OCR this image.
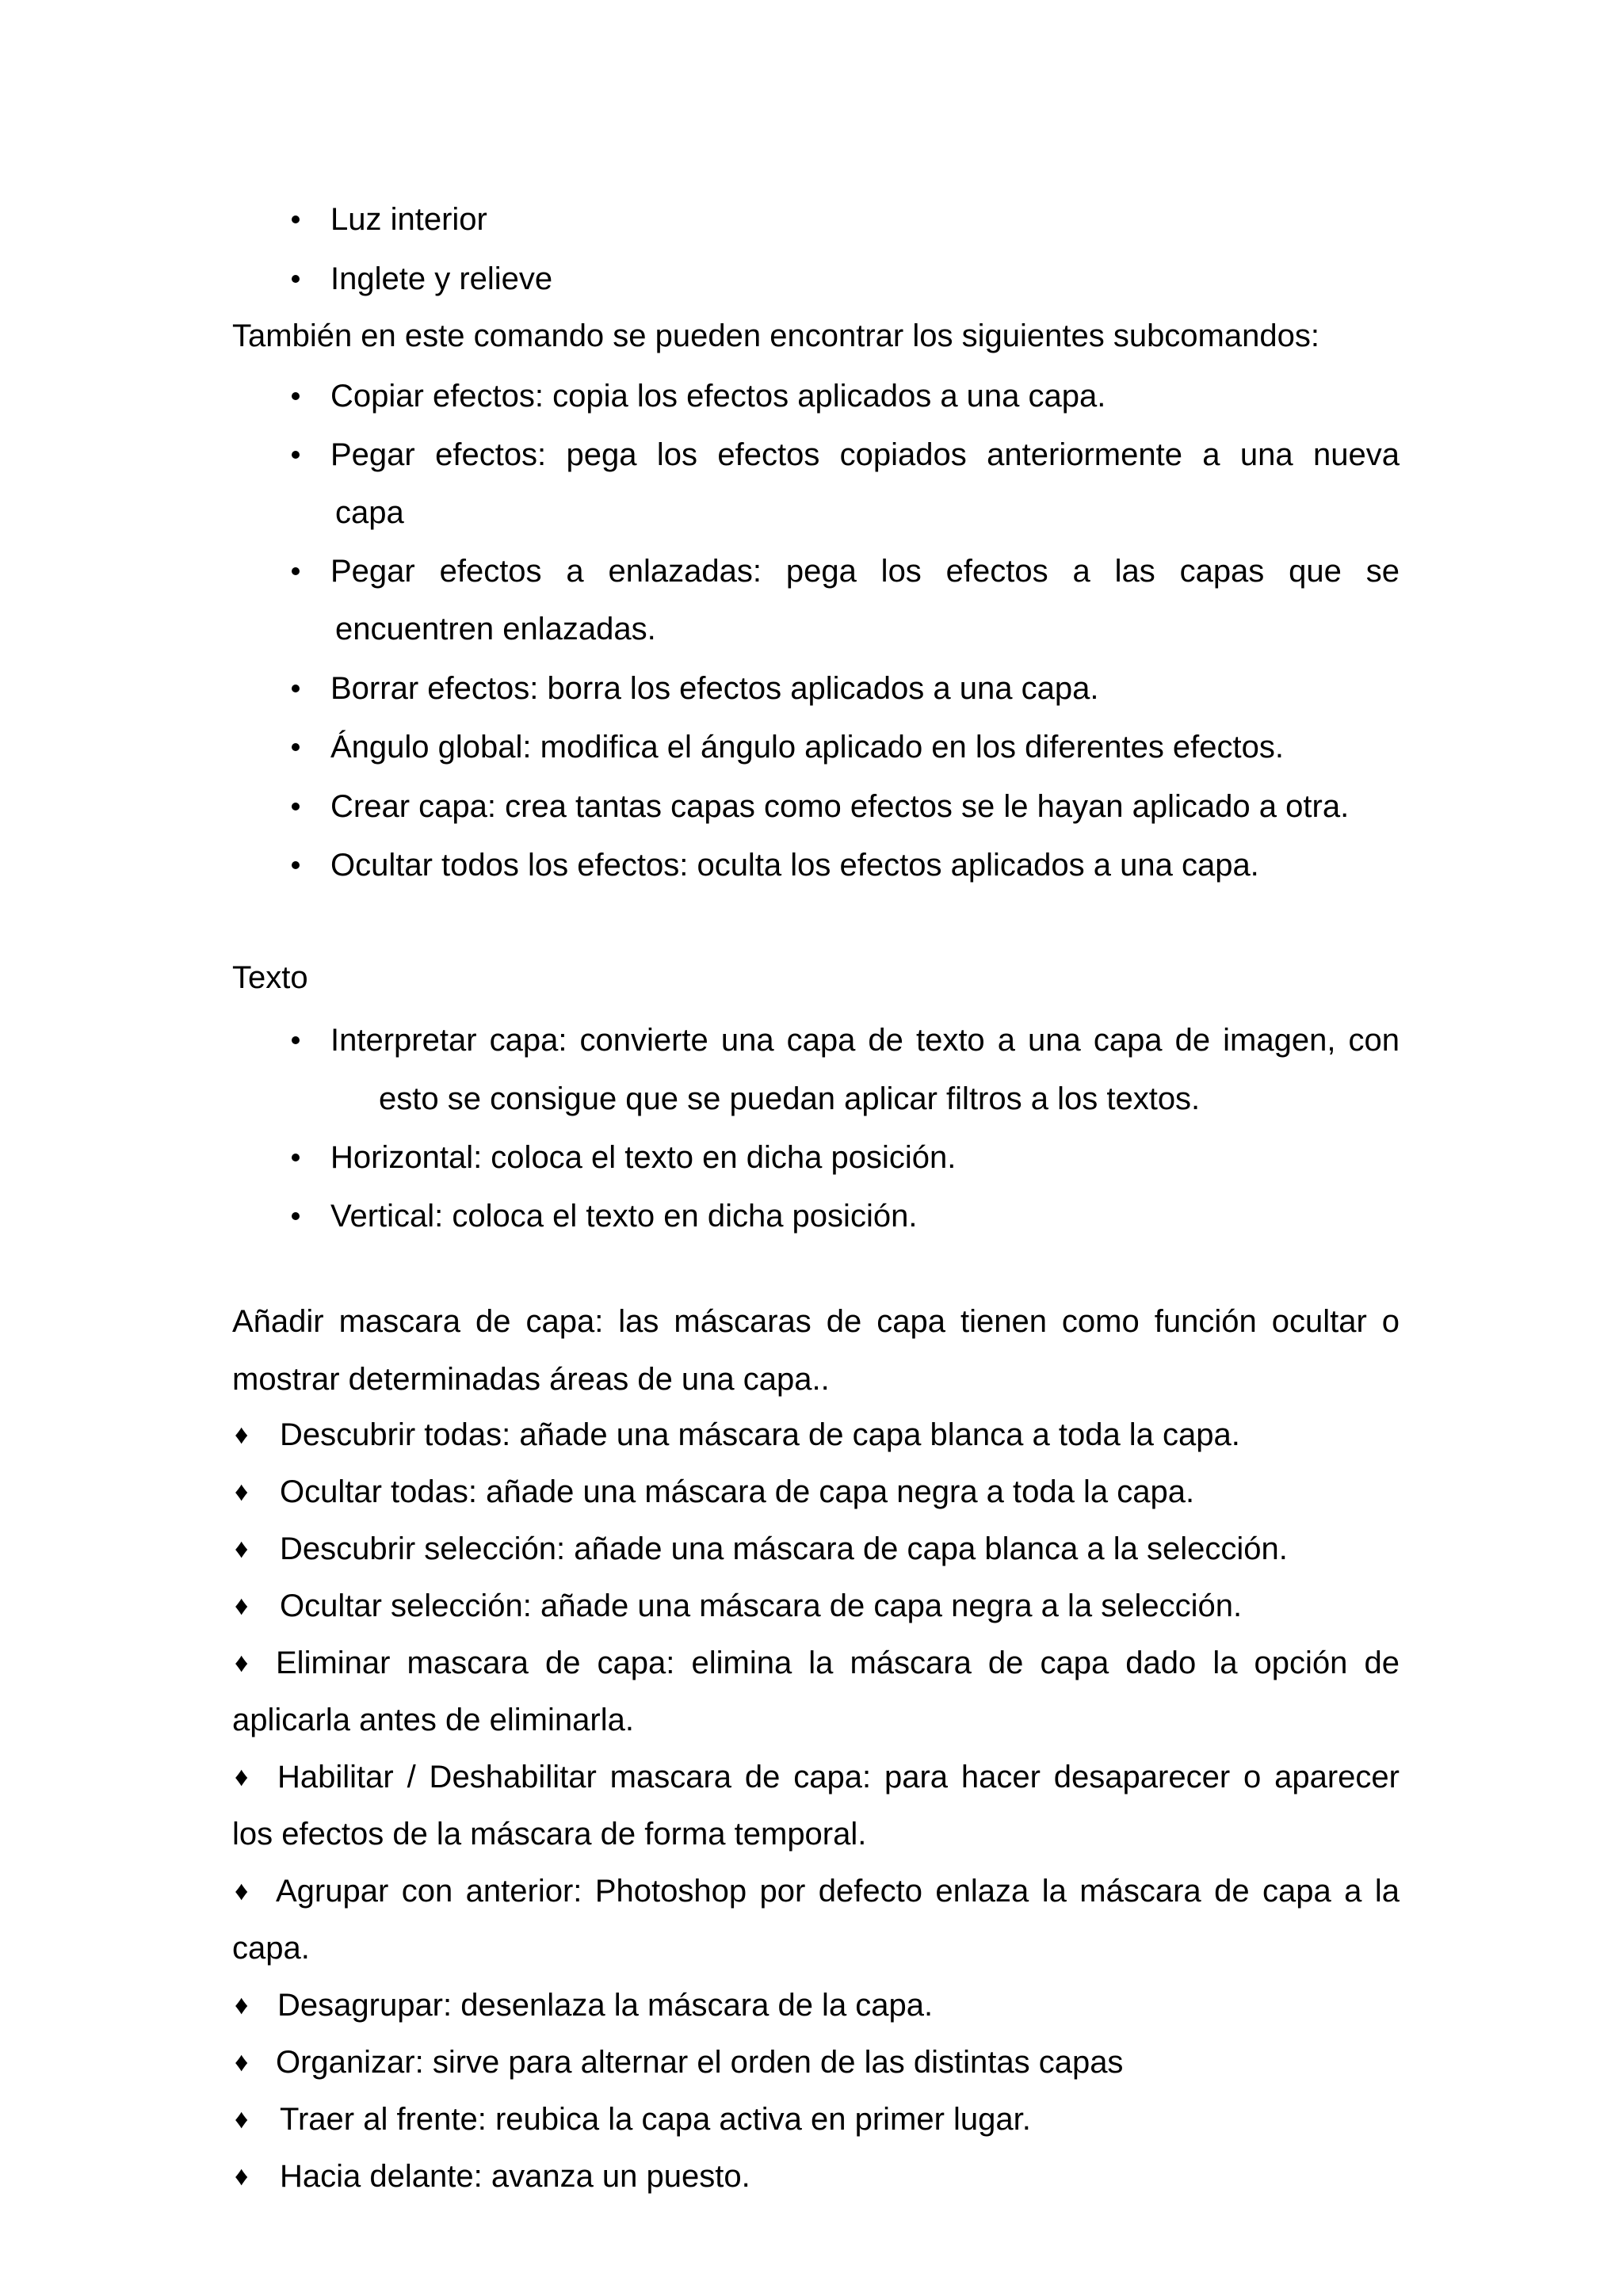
Luz interior
Inglete y relieve
También en este comando se pueden encontrar los siguientes subcomandos:
Copiar efectos: copia los efectos aplicados a una capa.
Pegar efectos: pega los efectos copiados anteriormente a una nueva
capa
Pegar efectos a enlazadas: pega los efectos a las capas que se
encuentren enlazadas.
Borrar efectos: borra los efectos aplicados a una capa.
Ángulo global: modifica el ángulo aplicado en los diferentes efectos.
Crear capa: crea tantas capas como efectos se le hayan aplicado a otra.
Ocultar todos los efectos: oculta los efectos aplicados a una capa.
Texto
Interpretar capa: convierte una capa de texto a una capa de imagen, con
esto se consigue que se puedan aplicar filtros a los textos.
Horizontal: coloca el texto en dicha posición.
Vertical: coloca el texto en dicha posición.
Añadir mascara de capa: las máscaras de capa tienen como función ocultar o
mostrar determinadas áreas de una capa..
♦ Descubrir todas: añade una máscara de capa blanca a toda la capa.
♦ Ocultar todas: añade una máscara de capa negra a toda la capa.
♦ Descubrir selección: añade una máscara de capa blanca a la selección.
♦ Ocultar selección: añade una máscara de capa negra a la selección.
♦ Eliminar mascara de capa: elimina la máscara de capa dado la opción de
aplicarla antes de eliminarla.
♦ Habilitar / Deshabilitar mascara de capa: para hacer desaparecer o aparecer
los efectos de la máscara de forma temporal.
♦ Agrupar con anterior: Photoshop por defecto enlaza la máscara de capa a la
capa.
♦ Desagrupar: desenlaza la máscara de la capa.
♦ Organizar: sirve para alternar el orden de las distintas capas
♦ Traer al frente: reubica la capa activa en primer lugar.
♦ Hacia delante: avanza un puesto.
